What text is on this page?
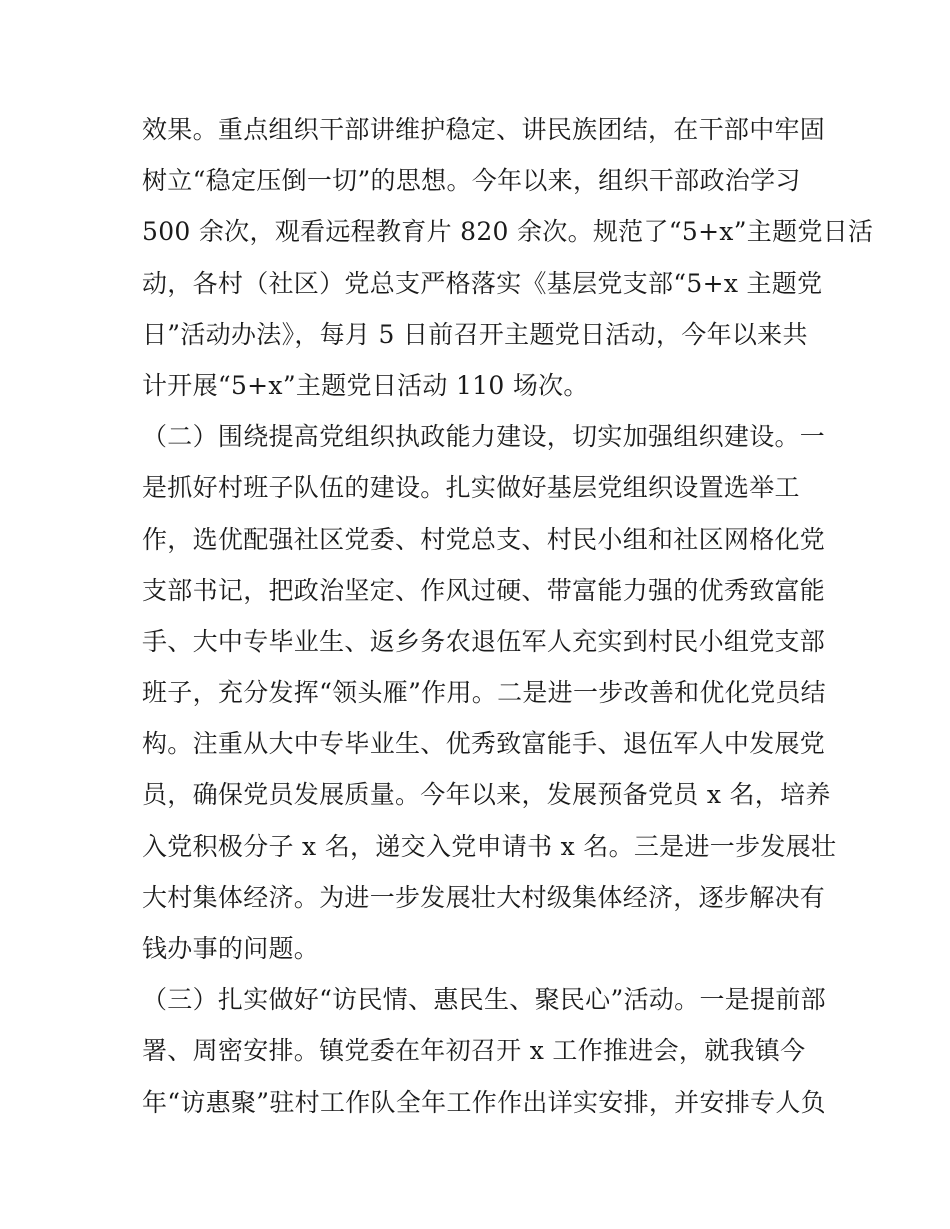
效果。重点组织干部讲维护稳定、讲民族团结，在干部中牢固
树立“稳定压倒一切”的思想。今年以来，组织干部政治学习
500 余次，观看远程教育片 820 余次。规范了“5+x”主题党日活
动，各村（社区）党总支严格落实《基层党支部“5+x 主题党
日”活动办法》，每月 5 日前召开主题党日活动，今年以来共
计开展“5+x”主题党日活动 110 场次。
（二）围绕提高党组织执政能力建设，切实加强组织建设。一
是抓好村班子队伍的建设。扎实做好基层党组织设置选举工
作，选优配强社区党委、村党总支、村民小组和社区网格化党
支部书记，把政治坚定、作风过硬、带富能力强的优秀致富能
手、大中专毕业生、返乡务农退伍军人充实到村民小组党支部
班子，充分发挥“领头雁”作用。二是进一步改善和优化党员结
构。注重从大中专毕业生、优秀致富能手、退伍军人中发展党
员，确保党员发展质量。今年以来，发展预备党员 x 名，培养
入党积极分子 x 名，递交入党申请书 x 名。三是进一步发展壮
大村集体经济。为进一步发展壮大村级集体经济，逐步解决有
钱办事的问题。
（三）扎实做好“访民情、惠民生、聚民心”活动。一是提前部
署、周密安排。镇党委在年初召开 x 工作推进会，就我镇今
年“访惠聚”驻村工作队全年工作作出详实安排，并安排专人负
